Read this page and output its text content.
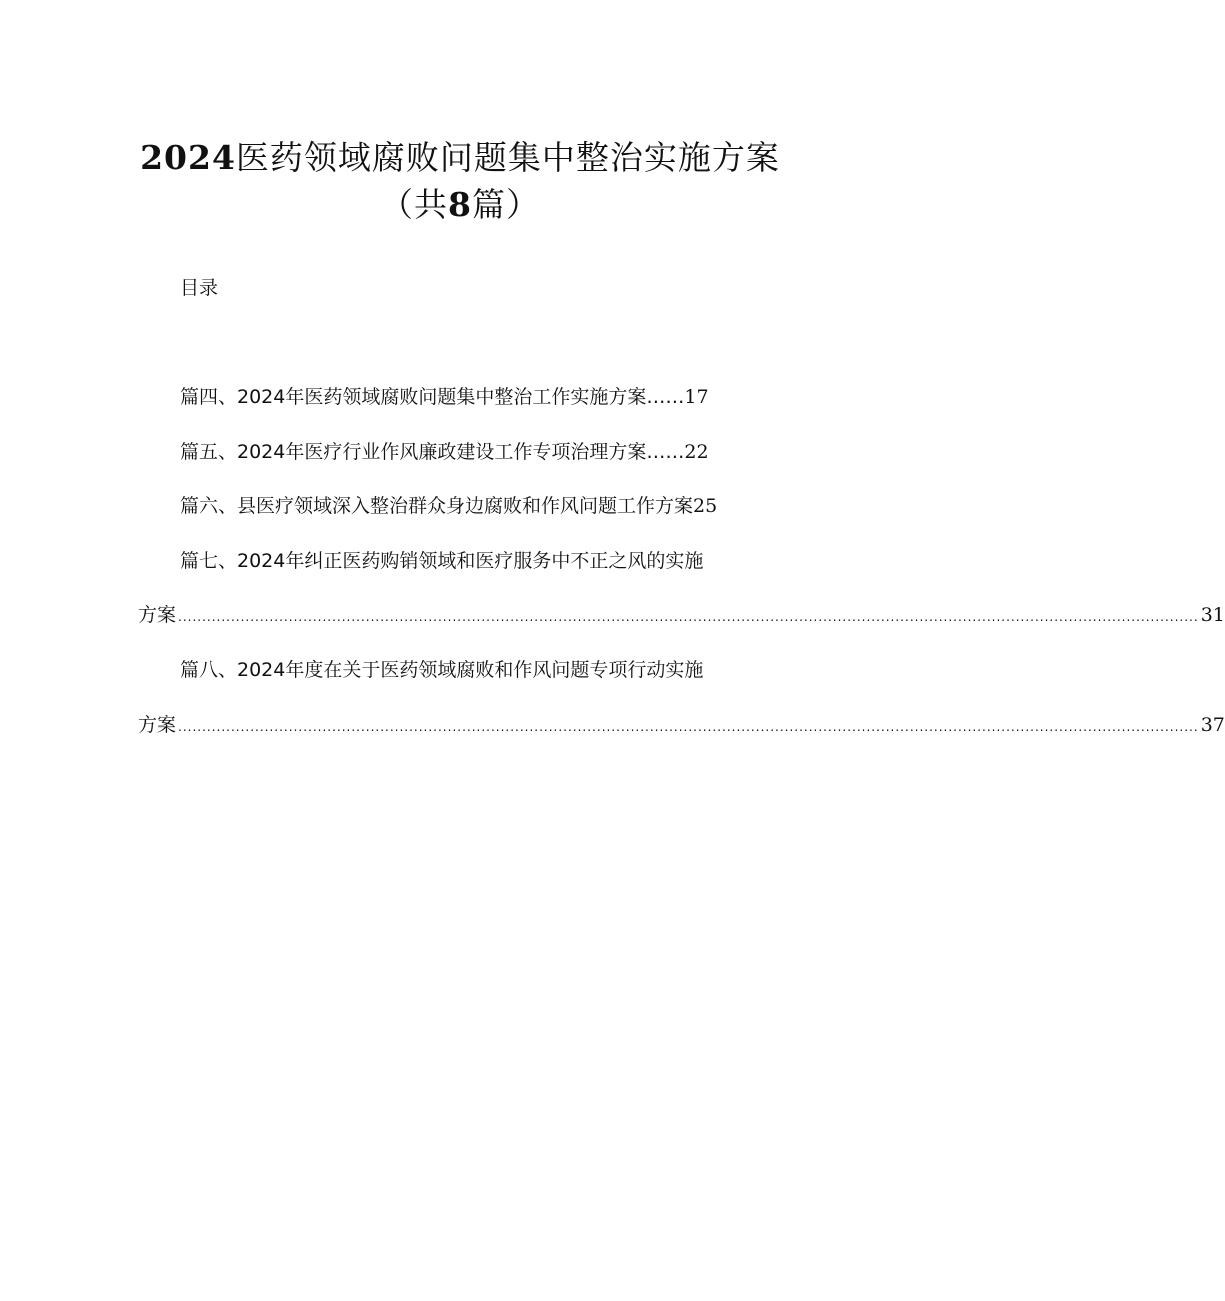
2024医药领域腐败问题集中整治实施方案
（共8篇）
目录
篇四、2024年医药领域腐败问题集中整治工作实施方案……17
篇五、2024年医疗行业作风廉政建设工作专项治理方案……22
篇六、县医疗领域深入整治群众身边腐败和作风问题工作方案25
篇七、2024年纠正医药购销领域和医疗服务中不正之风的实施
方案 .................................................................................................................................................................................................................... 31
篇八、2024年度在关于医药领域腐败和作风问题专项行动实施
方案 .................................................................................................................................................................................................................... 37
